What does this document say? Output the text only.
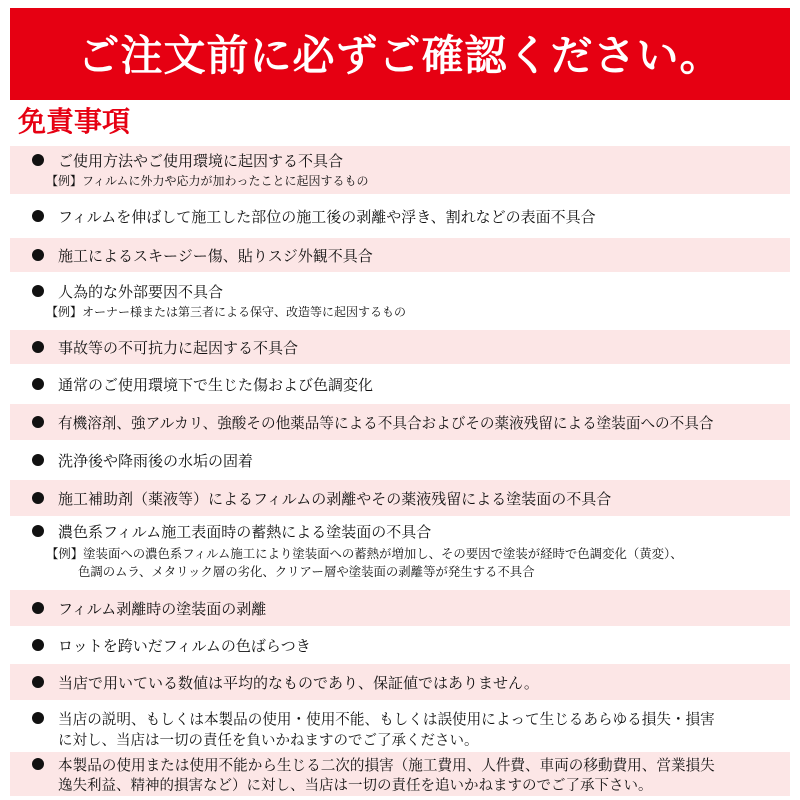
ご注文前に必ずご確認ください。
免責事項
ご使用方法やご使用環境に起因する不具合
【例】フィルムに外力や応力が加わったことに起因するもの
フィルムを伸ばして施工した部位の施工後の剥離や浮き、割れなどの表面不具合
施工によるスキージー傷、貼りスジ外観不具合
人為的な外部要因不具合
【例】オーナー様または第三者による保守、改造等に起因するもの
事故等の不可抗力に起因する不具合
通常のご使用環境下で生じた傷および色調変化
有機溶剤、強アルカリ、強酸その他薬品等による不具合およびその薬液残留による塗装面への不具合
洗浄後や降雨後の水垢の固着
施工補助剤（薬液等）によるフィルムの剥離やその薬液残留による塗装面の不具合
濃色系フィルム施工表面時の蓄熱による塗装面の不具合
【例】塗装面への濃色系フィルム施工により塗装面への蓄熱が増加し、その要因で塗装が経時で色調変化（黄変）、
色調のムラ、メタリック層の劣化、クリアー層や塗装面の剥離等が発生する不具合
フィルム剥離時の塗装面の剥離
ロットを跨いだフィルムの色ばらつき
当店で用いている数値は平均的なものであり、保証値ではありません。
当店の説明、もしくは本製品の使用・使用不能、もしくは誤使用によって生じるあらゆる損失・損害
に対し、当店は一切の責任を負いかねますのでご了承ください。
本製品の使用または使用不能から生じる二次的損害（施工費用、人件費、車両の移動費用、営業損失
逸失利益、精神的損害など）に対し、当店は一切の責任を追いかねますのでご了承下さい。
